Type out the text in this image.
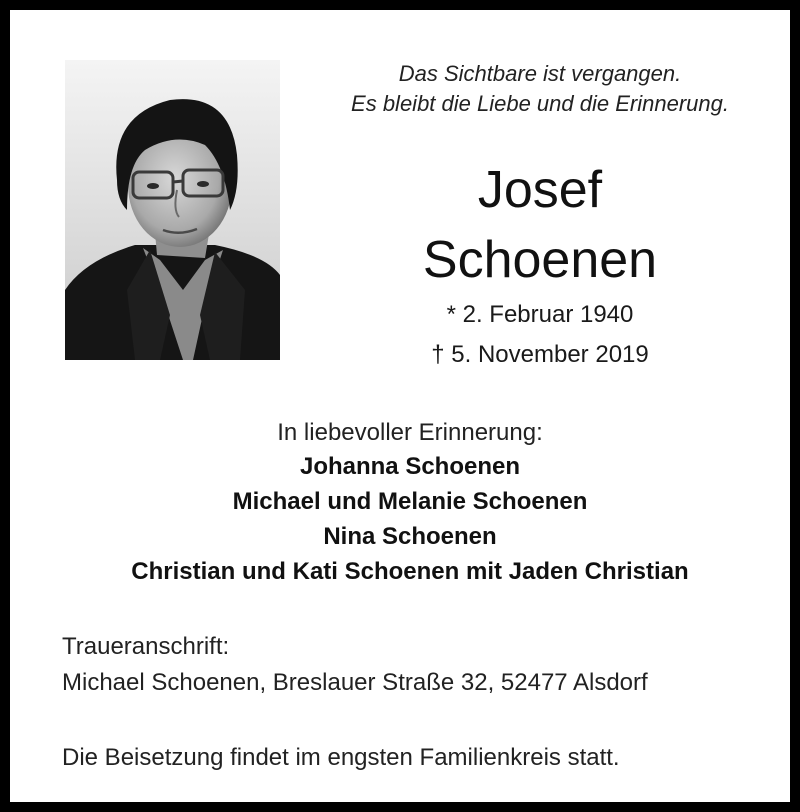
Das Sichtbare ist vergangen.
Es bleibt die Liebe und die Erinnerung.
Josef
Schoenen
* 2. Februar 1940
† 5. November 2019
In liebevoller Erinnerung:
Johanna Schoenen
Michael und Melanie Schoenen
Nina Schoenen
Christian und Kati Schoenen mit Jaden Christian
Traueranschrift:
Michael Schoenen, Breslauer Straße 32, 52477 Alsdorf
Die Beisetzung findet im engsten Familienkreis statt.
